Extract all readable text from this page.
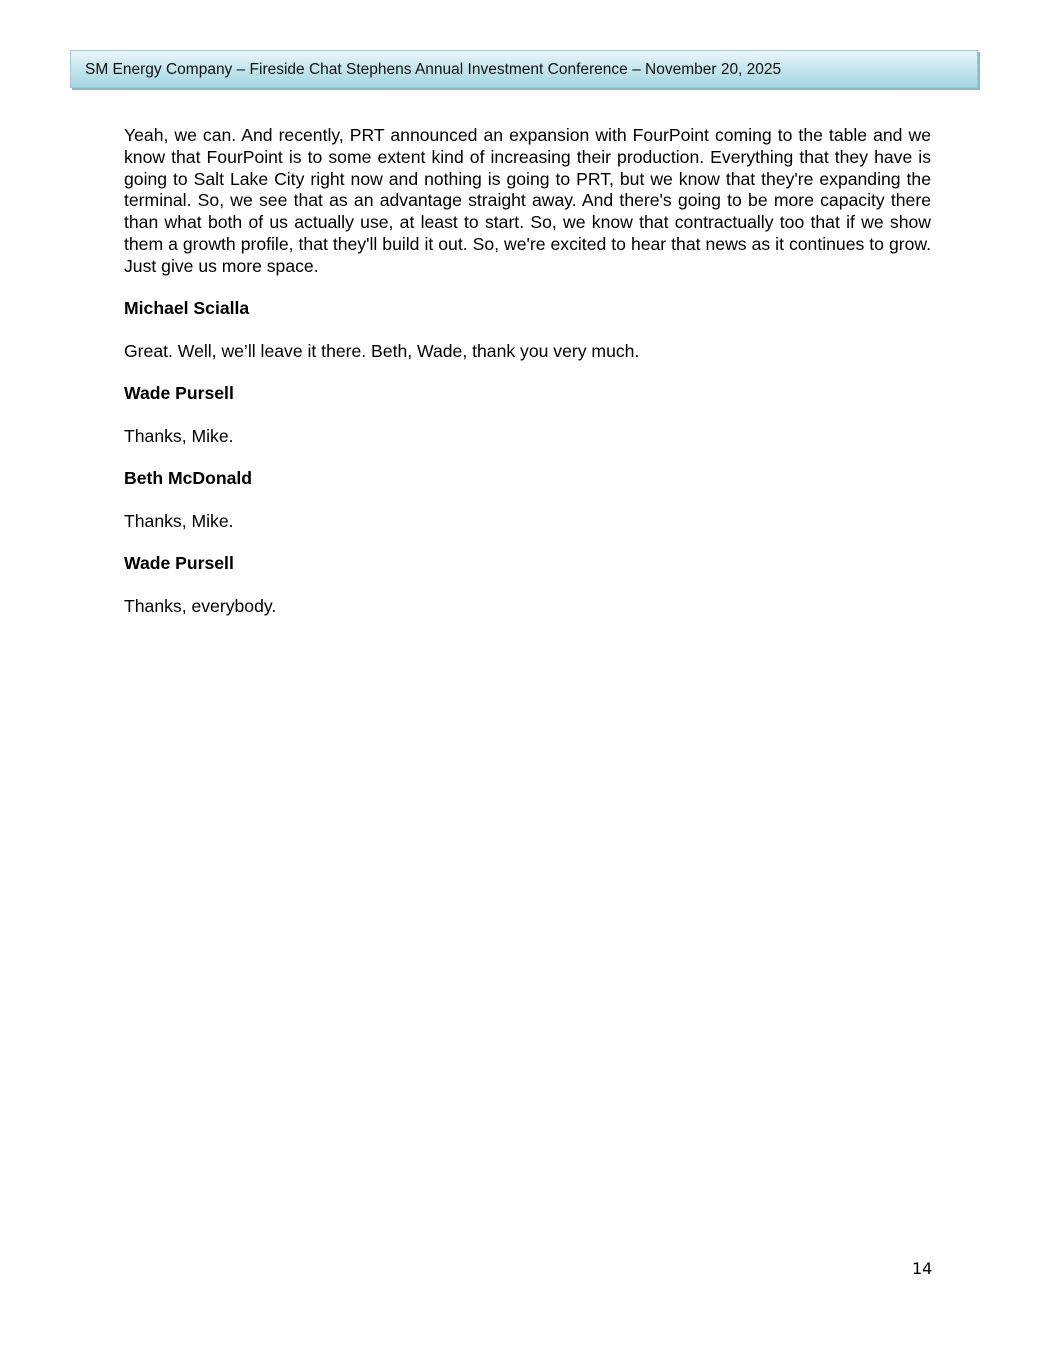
SM Energy Company – Fireside Chat Stephens Annual Investment Conference – November 20, 2025

Yeah, we can. And recently, PRT announced an expansion with FourPoint coming to the table and we know that FourPoint is to some extent kind of increasing their production. Everything that they have is going to Salt Lake City right now and nothing is going to PRT, but we know that they're expanding the terminal. So, we see that as an advantage straight away. And there's going to be more capacity there than what both of us actually use, at least to start. So, we know that contractually too that if we show them a growth profile, that they'll build it out. So, we're excited to hear that news as it continues to grow. Just give us more space.

Michael Scialla

Great. Well, we’ll leave it there. Beth, Wade, thank you very much.

Wade Pursell

Thanks, Mike.

Beth McDonald

Thanks, Mike.

Wade Pursell

Thanks, everybody.

14
